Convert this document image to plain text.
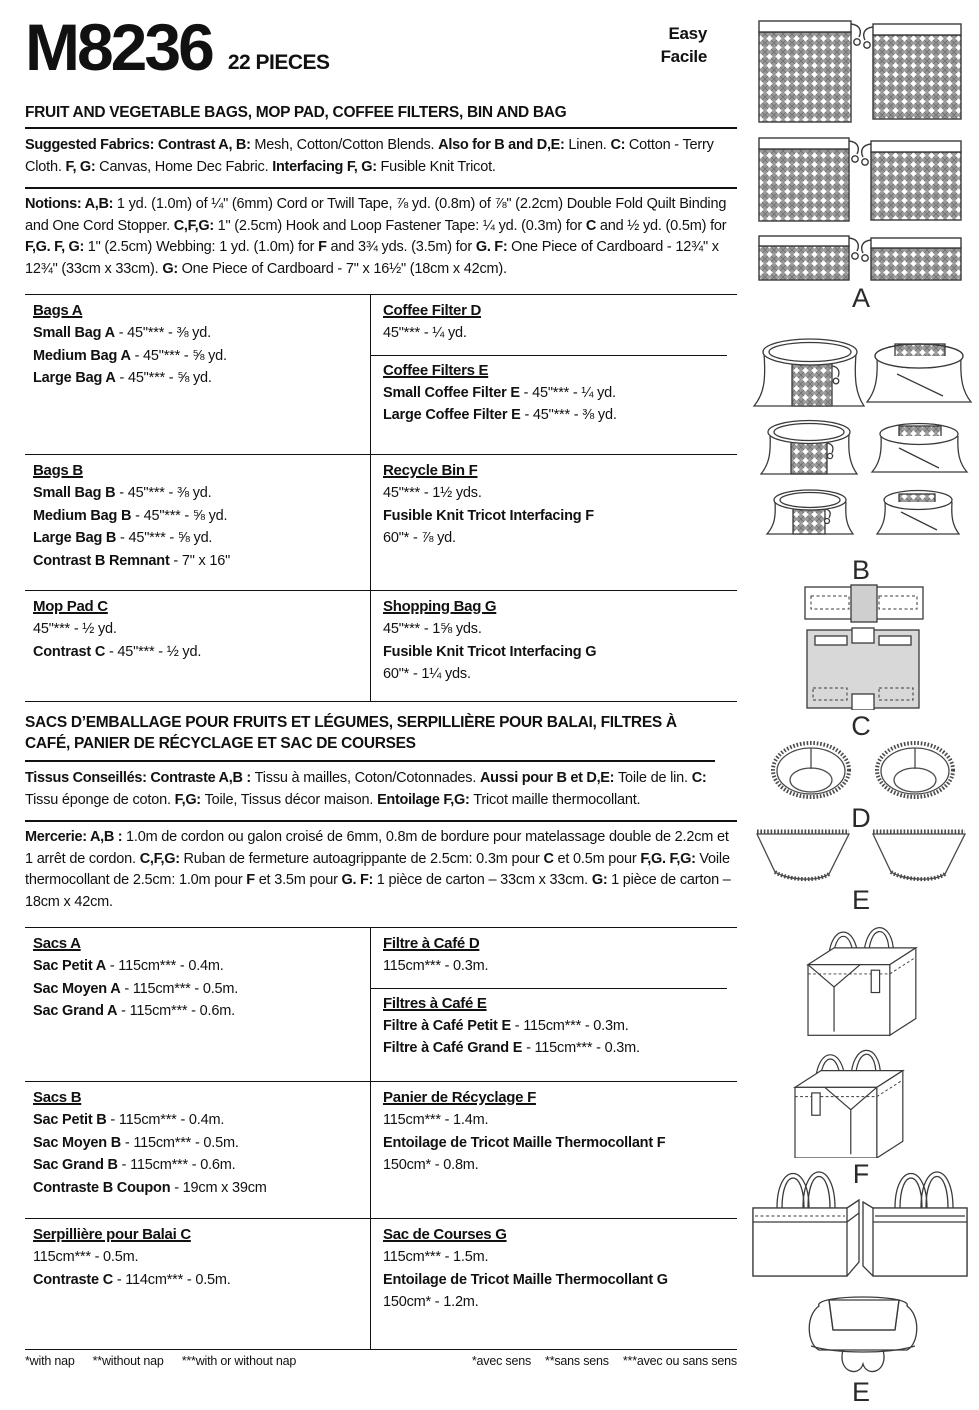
M8236 22 PIECES
Easy
Facile
FRUIT AND VEGETABLE BAGS, MOP PAD, COFFEE FILTERS, BIN AND BAG
Suggested Fabrics: Contrast A, B: Mesh, Cotton/Cotton Blends. Also for B and D,E: Linen. C: Cotton - Terry Cloth. F, G: Canvas, Home Dec Fabric. Interfacing F, G: Fusible Knit Tricot.
Notions: A,B: 1 yd. (1.0m) of ¼" (6mm) Cord or Twill Tape, ⅞ yd. (0.8m) of ⅞" (2.2cm) Double Fold Quilt Binding and One Cord Stopper. C,F,G: 1" (2.5cm) Hook and Loop Fastener Tape: ¼ yd. (0.3m) for C and ½ yd. (0.5m) for F,G. F, G: 1" (2.5cm) Webbing: 1 yd. (1.0m) for F and 3¾ yds. (3.5m) for G. F: One Piece of Cardboard - 12¾" x 12¾" (33cm x 33cm). G: One Piece of Cardboard - 7" x 16½" (18cm x 42cm).
Bags A
Small Bag A - 45"*** - ⅜ yd.
Medium Bag A - 45"*** - ⅝ yd.
Large Bag A - 45"*** - ⅝ yd.
Coffee Filter D
45"*** - ¼ yd.
Coffee Filters E
Small Coffee Filter E - 45"*** - ¼ yd.
Large Coffee Filter E - 45"*** - ⅜ yd.
Bags B
Small Bag B - 45"*** - ⅜ yd.
Medium Bag B - 45"*** - ⅝ yd.
Large Bag B - 45"*** - ⅝ yd.
Contrast B Remnant - 7" x 16"
Recycle Bin F
45"*** - 1½ yds.
Fusible Knit Tricot Interfacing F
60"* - ⅞ yd.
Mop Pad C
45"*** - ½ yd.
Contrast C - 45"*** - ½ yd.
Shopping Bag G
45"*** - 1⅝ yds.
Fusible Knit Tricot Interfacing G
60"* - 1¼ yds.
SACS D’EMBALLAGE POUR FRUITS ET LÉGUMES, SERPILLIÈRE POUR BALAI, FILTRES À CAFÉ, PANIER DE RÉCYCLAGE ET SAC DE COURSES
Tissus Conseillés: Contraste A,B : Tissu à mailles, Coton/Cotonnades. Aussi pour B et D,E: Toile de lin. C: Tissu éponge de coton. F,G: Toile, Tissus décor maison. Entoilage F,G: Tricot maille thermocollant.
Mercerie: A,B : 1.0m de cordon ou galon croisé de 6mm, 0.8m de bordure pour matelassage double de 2.2cm et 1 arrêt de cordon. C,F,G: Ruban de fermeture autoagrippante de 2.5cm: 0.3m pour C et 0.5m pour F,G. F,G: Voile thermocollant de 2.5cm: 1.0m pour F et 3.5m pour G. F: 1 pièce de carton – 33cm x 33cm. G: 1 pièce de carton – 18cm x 42cm.
Sacs A
Sac Petit A - 115cm*** - 0.4m.
Sac Moyen A - 115cm*** - 0.5m.
Sac Grand A - 115cm*** - 0.6m.
Filtre à Café D
115cm*** - 0.3m.
Filtres à Café E
Filtre à Café Petit E - 115cm*** - 0.3m.
Filtre à Café Grand E - 115cm*** - 0.3m.
Sacs B
Sac Petit B - 115cm*** - 0.4m.
Sac Moyen B - 115cm*** - 0.5m.
Sac Grand B - 115cm*** - 0.6m.
Contraste B Coupon - 19cm x 39cm
Panier de Récyclage F
115cm*** - 1.4m.
Entoilage de Tricot Maille Thermocollant F
150cm* - 0.8m.
Serpillière pour Balai C
115cm*** - 0.5m.
Contraste C - 114cm*** - 0.5m.
Sac de Courses G
115cm*** - 1.5m.
Entoilage de Tricot Maille Thermocollant G
150cm* - 1.2m.
*with nap **without nap ***with or without nap	*avec sens **sans sens ***avec ou sans sens
A
B
C
D
E
F
E
